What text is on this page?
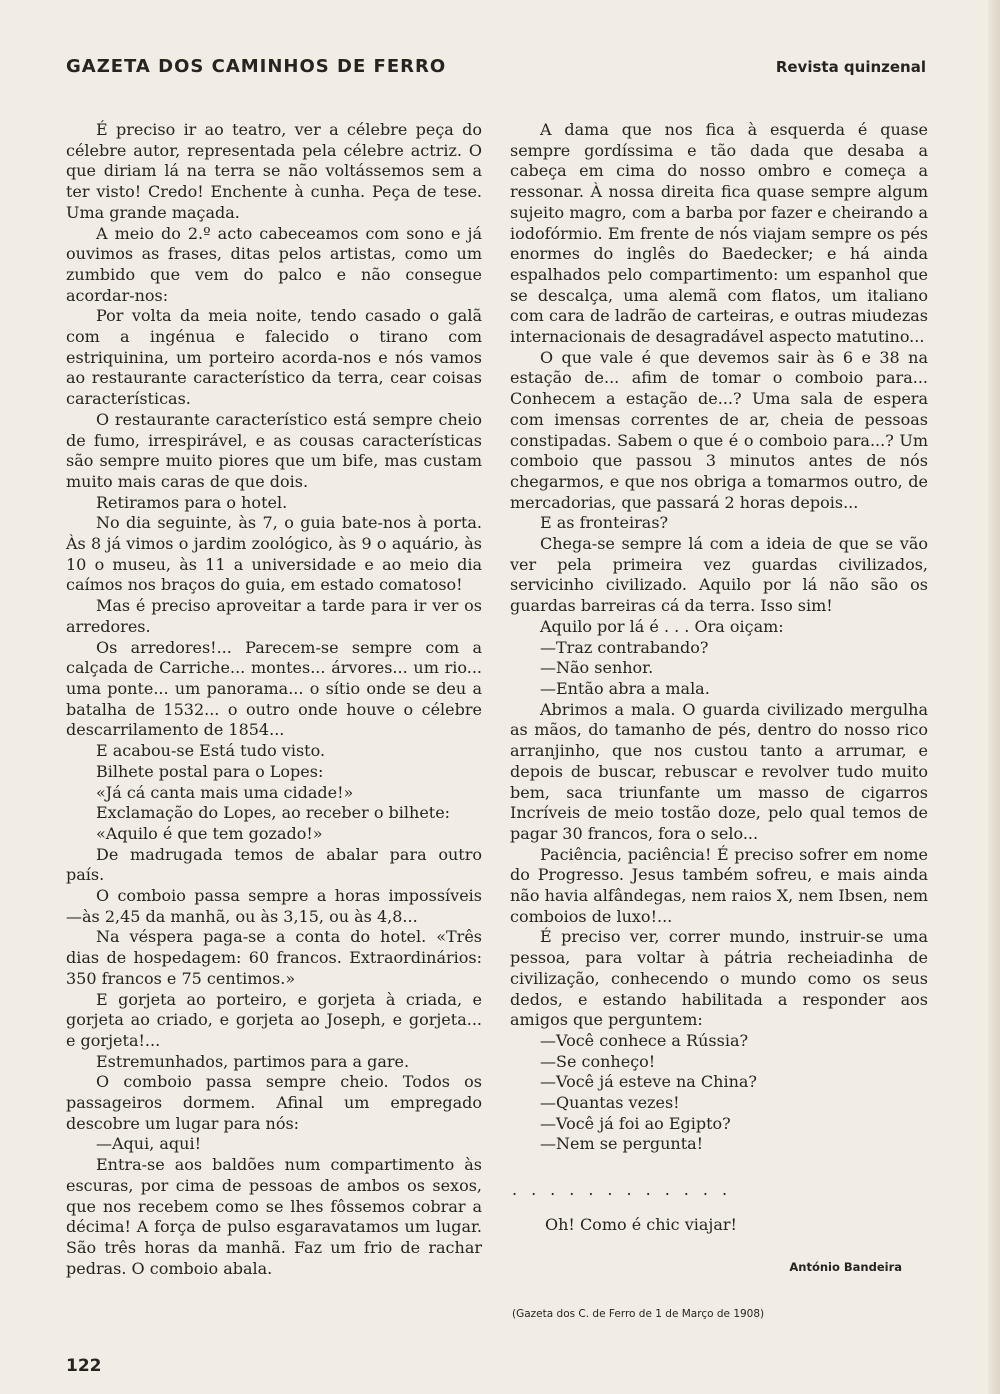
GAZETA DOS CAMINHOS DE FERRO	Revista quinzenal

É preciso ir ao teatro, ver a célebre peça do célebre autor, representada pela célebre actriz. O que diriam lá na terra se não voltássemos sem a ter visto! Credo! Enchente à cunha. Peça de tese. Uma grande maçada.

A meio do 2.º acto cabeceamos com sono e já ouvimos as frases, ditas pelos artistas, como um zumbido que vem do palco e não consegue acordar-nos:

Por volta da meia noite, tendo casado o galã com a ingénua e falecido o tirano com estriquinina, um porteiro acorda-nos e nós vamos ao restaurante característico da terra, cear coisas características.

O restaurante característico está sempre cheio de fumo, irrespirável, e as cousas características são sempre muito piores que um bife, mas custam muito mais caras de que dois.

Retiramos para o hotel.

No dia seguinte, às 7, o guia bate-nos à porta. Às 8 já vimos o jardim zoológico, às 9 o aquário, às 10 o museu, às 11 a universidade e ao meio dia caímos nos braços do guia, em estado comatoso!

Mas é preciso aproveitar a tarde para ir ver os arredores.

Os arredores!... Parecem-se sempre com a calçada de Carriche... montes... árvores... um rio... uma ponte... um panorama... o sítio onde se deu a batalha de 1532... o outro onde houve o célebre descarrilamento de 1854...

E acabou-se Está tudo visto.

Bilhete postal para o Lopes:

«Já cá canta mais uma cidade!»

Exclamação do Lopes, ao receber o bilhete:

«Aquilo é que tem gozado!»

De madrugada temos de abalar para outro país.

O comboio passa sempre a horas impossíveis —às 2,45 da manhã, ou às 3,15, ou às 4,8...

Na véspera paga-se a conta do hotel. «Três dias de hospedagem: 60 francos. Extraordinários: 350 francos e 75 centimos.»

E gorjeta ao porteiro, e gorjeta à criada, e gorjeta ao criado, e gorjeta ao Joseph, e gorjeta... e gorjeta!...

Estremunhados, partimos para a gare.

O comboio passa sempre cheio. Todos os passageiros dormem. Afinal um empregado descobre um lugar para nós:

—Aqui, aqui!

Entra-se aos baldões num compartimento às escuras, por cima de pessoas de ambos os sexos, que nos recebem como se lhes fôssemos cobrar a décima! A força de pulso esgaravatamos um lugar. São três horas da manhã. Faz um frio de rachar pedras. O comboio abala.

A dama que nos fica à esquerda é quase sempre gordíssima e tão dada que desaba a cabeça em cima do nosso ombro e começa a ressonar. À nossa direita fica quase sempre algum sujeito magro, com a barba por fazer e cheirando a iodofórmio. Em frente de nós viajam sempre os pés enormes do inglês do Baedecker; e há ainda espalhados pelo compartimento: um espanhol que se descalça, uma alemã com flatos, um italiano com cara de ladrão de carteiras, e outras miudezas internacionais de desagradável aspecto matutino...

O que vale é que devemos sair às 6 e 38 na estação de... afim de tomar o comboio para... Conhecem a estação de...? Uma sala de espera com imensas correntes de ar, cheia de pessoas constipadas. Sabem o que é o comboio para...? Um comboio que passou 3 minutos antes de nós chegarmos, e que nos obriga a tomarmos outro, de mercadorias, que passará 2 horas depois...

E as fronteiras?

Chega-se sempre lá com a ideia de que se vão ver pela primeira vez guardas civilizados, servicinho civilizado. Aquilo por lá não são os guardas barreiras cá da terra. Isso sim!

Aquilo por lá é . . . Ora oiçam:

—Traz contrabando?

—Não senhor.

—Então abra a mala.

Abrimos a mala. O guarda civilizado mergulha as mãos, do tamanho de pés, dentro do nosso rico arranjinho, que nos custou tanto a arrumar, e depois de buscar, rebuscar e revolver tudo muito bem, saca triunfante um masso de cigarros Incríveis de meio tostão doze, pelo qual temos de pagar 30 francos, fora o selo...

Paciência, paciência! É preciso sofrer em nome do Progresso. Jesus também sofreu, e mais ainda não havia alfândegas, nem raios X, nem Ibsen, nem comboios de luxo!...

É preciso ver, correr mundo, instruir-se uma pessoa, para voltar à pátria recheiadinha de civilização, conhecendo o mundo como os seus dedos, e estando habilitada a responder aos amigos que perguntem:

—Você conhece a Rússia?

—Se conheço!

—Você já esteve na China?

—Quantas vezes!

—Você já foi ao Egipto?

—Nem se pergunta!

............
Oh! Como é chic viajar!
António Bandeira
(Gazeta dos C. de Ferro de 1 de Março de 1908)
122
